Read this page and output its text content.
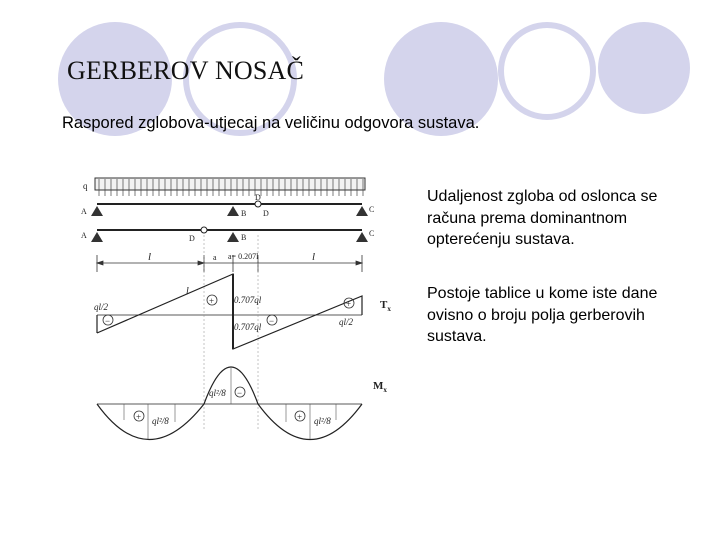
GERBEROV NOSAČ
Raspored zglobova-utjecaj na veličinu odgovora sustava.
q
A	B D
D
C
A	D	B	C
l	a a= 0.207l	l
ql/2
ql/2
0.707ql
0.707ql
l
+	+
−	−
$T_x$
ql²/8
ql²/8	ql²/8
−
+	+
$M_x$
Udaljenost zgloba od oslonca se računa prema dominantnom opterećenju sustava.
Postoje tablice u kome iste dane ovisno o broju polja gerberovih sustava.
